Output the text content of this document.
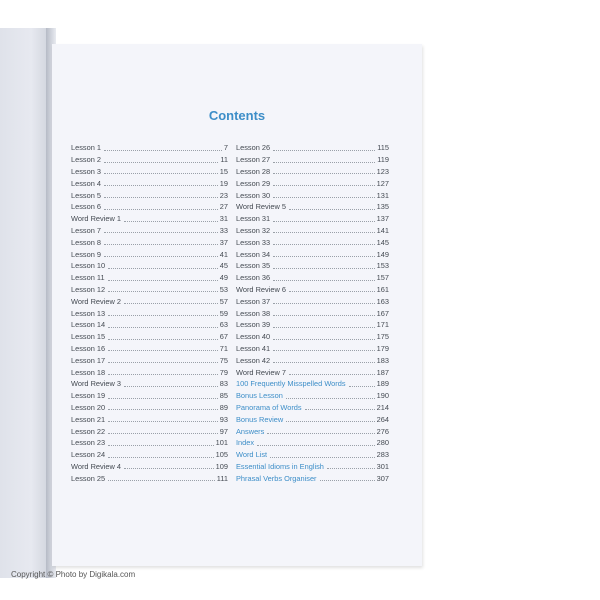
Contents
Lesson 1	7
Lesson 2	11
Lesson 3	15
Lesson 4	19
Lesson 5	23
Lesson 6	27
Word Review 1	31
Lesson 7	33
Lesson 8	37
Lesson 9	41
Lesson 10	45
Lesson 11	49
Lesson 12	53
Word Review 2	57
Lesson 13	59
Lesson 14	63
Lesson 15	67
Lesson 16	71
Lesson 17	75
Lesson 18	79
Word Review 3	83
Lesson 19	85
Lesson 20	89
Lesson 21	93
Lesson 22	97
Lesson 23	101
Lesson 24	105
Word Review 4	109
Lesson 25	111
Lesson 26	115
Lesson 27	119
Lesson 28	123
Lesson 29	127
Lesson 30	131
Word Review 5	135
Lesson 31	137
Lesson 32	141
Lesson 33	145
Lesson 34	149
Lesson 35	153
Lesson 36	157
Word Review 6	161
Lesson 37	163
Lesson 38	167
Lesson 39	171
Lesson 40	175
Lesson 41	179
Lesson 42	183
Word Review 7	187
100 Frequently Misspelled Words	189
Bonus Lesson	190
Panorama of Words	214
Bonus Review	264
Answers	276
Index	280
Word List	283
Essential Idioms in English	301
Phrasal Verbs Organiser	307
Copyright © Photo by Digikala.com
